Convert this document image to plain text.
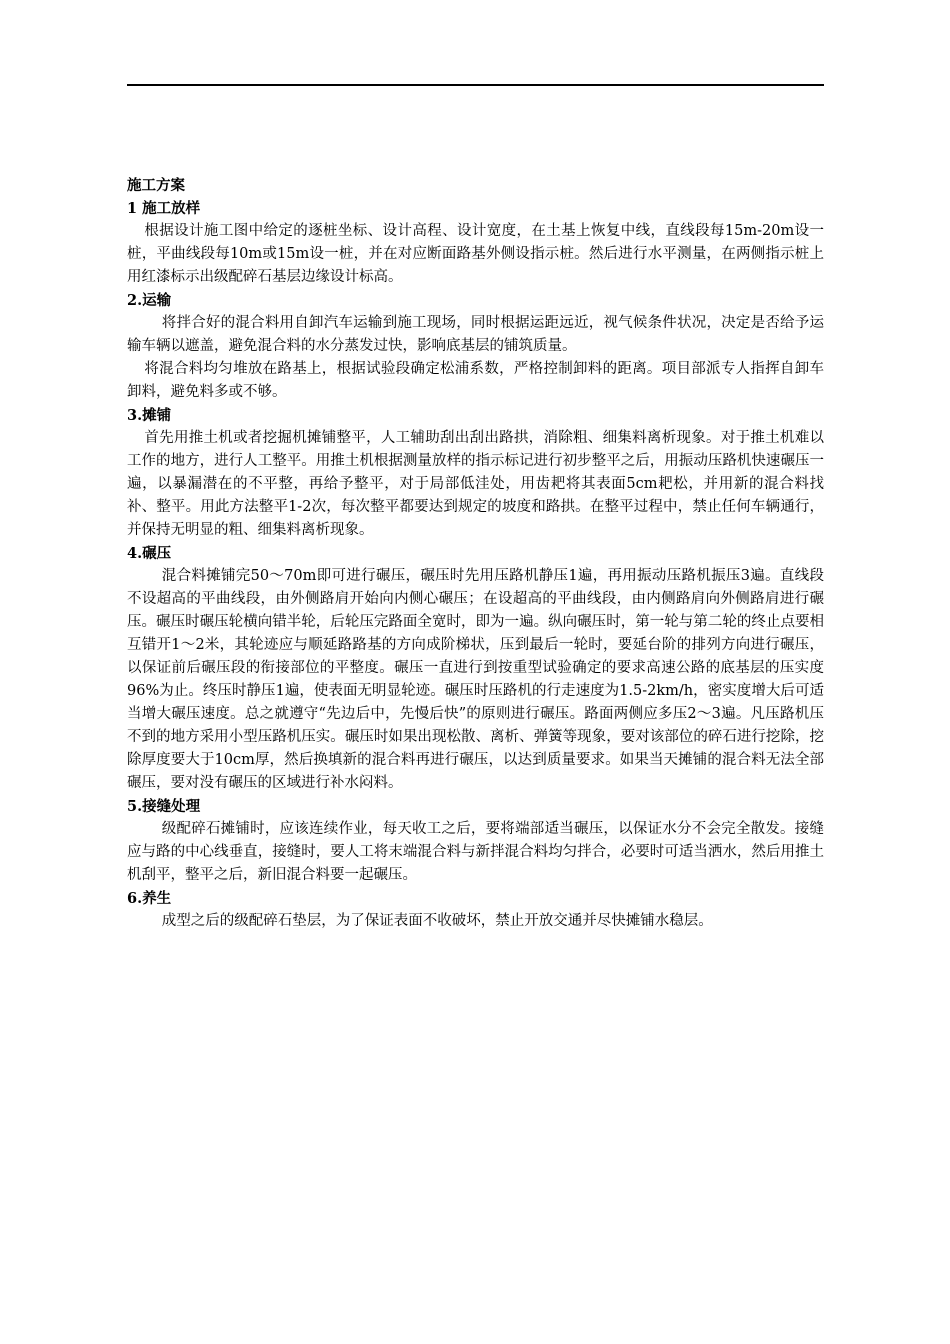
施工方案

1 施工放样

根据设计施工图中给定的逐桩坐标、设计高程、设计宽度，在土基上恢复中线，直线段每15m-20m设一桩，平曲线段每10m或15m设一桩，并在对应断面路基外侧设指示桩。然后进行水平测量，在两侧指示桩上用红漆标示出级配碎石基层边缘设计标高。

2.运输

将拌合好的混合料用自卸汽车运输到施工现场，同时根据运距远近，视气候条件状况，决定是否给予运输车辆以遮盖，避免混合料的水分蒸发过快，影响底基层的铺筑质量。

将混合料均匀堆放在路基上，根据试验段确定松浦系数，严格控制卸料的距离。项目部派专人指挥自卸车卸料，避免料多或不够。

3.摊铺

首先用推土机或者挖掘机摊铺整平，人工辅助刮出刮出路拱，消除粗、细集料离析现象。对于推土机难以工作的地方，进行人工整平。用推土机根据测量放样的指示标记进行初步整平之后，用振动压路机快速碾压一遍，以暴漏潜在的不平整，再给予整平，对于局部低洼处，用齿耙将其表面5cm耙松，并用新的混合料找补、整平。用此方法整平1-2次，每次整平都要达到规定的坡度和路拱。在整平过程中，禁止任何车辆通行，并保持无明显的粗、细集料离析现象。

4.碾压

混合料摊铺完50～70m即可进行碾压，碾压时先用压路机静压1遍，再用振动压路机振压3遍。直线段不设超高的平曲线段，由外侧路肩开始向内侧心碾压；在设超高的平曲线段，由内侧路肩向外侧路肩进行碾压。碾压时碾压轮横向错半轮，后轮压完路面全宽时，即为一遍。纵向碾压时，第一轮与第二轮的终止点要相互错开1～2米，其轮迹应与顺延路路基的方向成阶梯状，压到最后一轮时，要延台阶的排列方向进行碾压，以保证前后碾压段的衔接部位的平整度。碾压一直进行到按重型试验确定的要求高速公路的底基层的压实度96%为止。终压时静压1遍，使表面无明显轮迹。碾压时压路机的行走速度为1.5-2km/h，密实度增大后可适当增大碾压速度。总之就遵守“先边后中，先慢后快”的原则进行碾压。路面两侧应多压2～3遍。凡压路机压不到的地方采用小型压路机压实。碾压时如果出现松散、离析、弹簧等现象，要对该部位的碎石进行挖除，挖除厚度要大于10cm厚，然后换填新的混合料再进行碾压，以达到质量要求。如果当天摊铺的混合料无法全部碾压，要对没有碾压的区域进行补水闷料。

5.接缝处理

级配碎石摊铺时，应该连续作业，每天收工之后，要将端部适当碾压，以保证水分不会完全散发。接缝应与路的中心线垂直，接缝时，要人工将末端混合料与新拌混合料均匀拌合，必要时可适当洒水，然后用推土机刮平，整平之后，新旧混合料要一起碾压。

6.养生

成型之后的级配碎石垫层，为了保证表面不收破坏，禁止开放交通并尽快摊铺水稳层。
